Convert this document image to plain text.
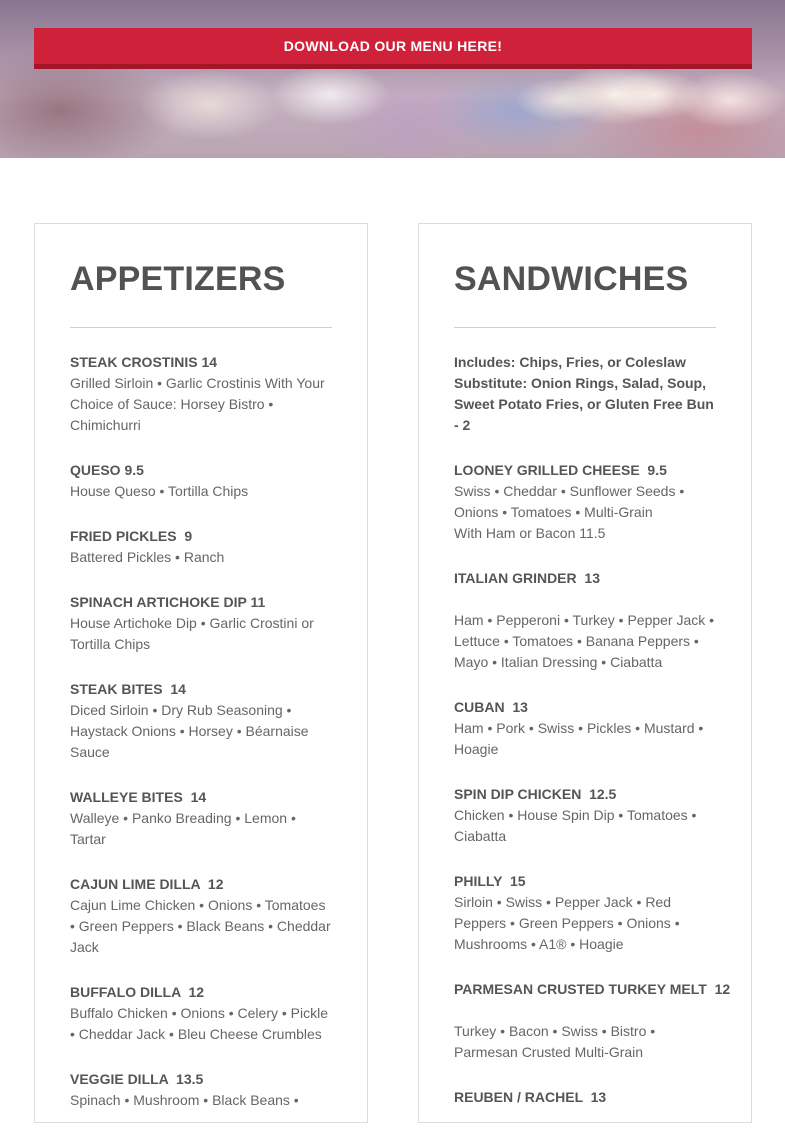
DOWNLOAD OUR MENU HERE!
APPETIZERS
STEAK CROSTINIS 14
Grilled Sirloin • Garlic Crostinis With Your Choice of Sauce: Horsey Bistro • Chimichurri
QUESO 9.5
House Queso • Tortilla Chips
FRIED PICKLES  9
Battered Pickles • Ranch
SPINACH ARTICHOKE DIP 11
House Artichoke Dip • Garlic Crostini or Tortilla Chips
STEAK BITES  14
Diced Sirloin • Dry Rub Seasoning • Haystack Onions • Horsey • Béarnaise Sauce
WALLEYE BITES  14
Walleye • Panko Breading • Lemon • Tartar
CAJUN LIME DILLA  12
Cajun Lime Chicken • Onions • Tomatoes • Green Peppers • Black Beans • Cheddar Jack
BUFFALO DILLA  12
Buffalo Chicken • Onions • Celery • Pickle • Cheddar Jack • Bleu Cheese Crumbles
VEGGIE DILLA  13.5
Spinach • Mushroom • Black Beans •
SANDWICHES
Includes: Chips, Fries, or Coleslaw Substitute: Onion Rings, Salad, Soup, Sweet Potato Fries, or Gluten Free Bun - 2
LOONEY GRILLED CHEESE  9.5
Swiss • Cheddar • Sunflower Seeds • Onions • Tomatoes • Multi-Grain
With Ham or Bacon 11.5
ITALIAN GRINDER  13
Ham • Pepperoni • Turkey • Pepper Jack • Lettuce • Tomatoes • Banana Peppers • Mayo • Italian Dressing • Ciabatta
CUBAN  13
Ham • Pork • Swiss • Pickles • Mustard • Hoagie
SPIN DIP CHICKEN  12.5
Chicken • House Spin Dip • Tomatoes • Ciabatta
PHILLY  15
Sirloin • Swiss • Pepper Jack • Red Peppers • Green Peppers • Onions • Mushrooms • A1® • Hoagie
PARMESAN CRUSTED TURKEY MELT  12
Turkey • Bacon • Swiss • Bistro • Parmesan Crusted Multi-Grain
REUBEN / RACHEL  13
